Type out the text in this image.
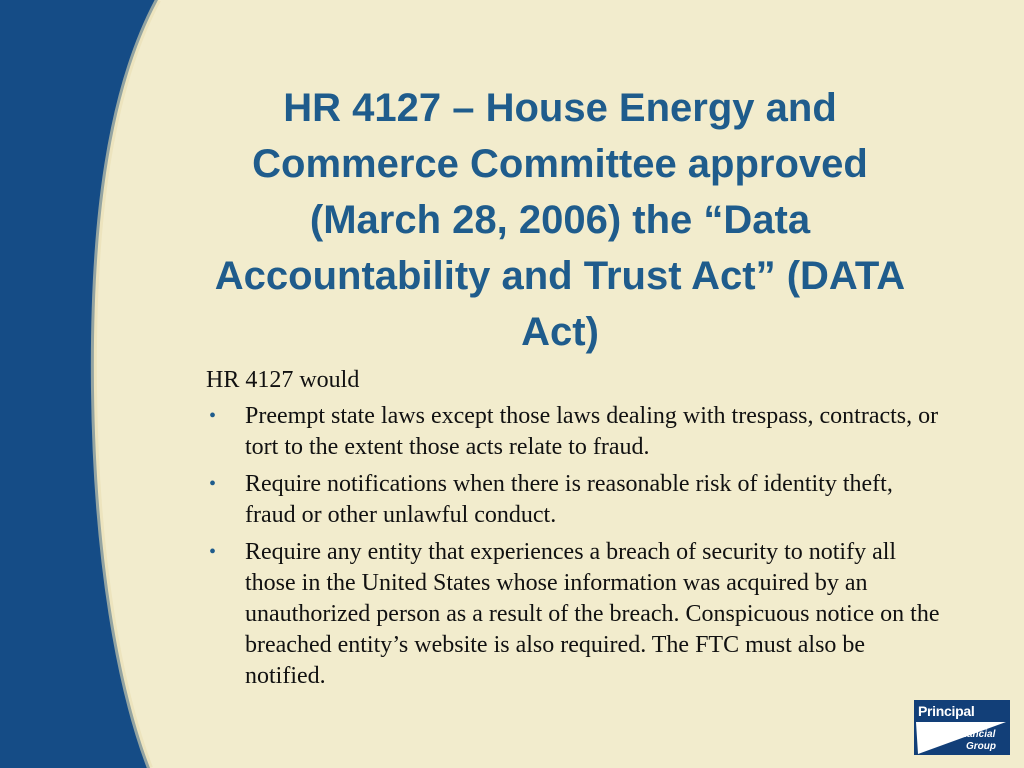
HR 4127 – House Energy and Commerce Committee approved (March 28, 2006) the “Data Accountability and Trust Act” (DATA Act)

HR 4127 would

• Preempt state laws except those laws dealing with trespass, contracts, or tort to the extent those acts relate to fraud.
• Require notifications when there is reasonable risk of identity theft, fraud or other unlawful conduct.
• Require any entity that experiences a breach of security to notify all those in the United States whose information was acquired by an unauthorized person as a result of the breach. Conspicuous notice on the breached entity’s website is also required. The FTC must also be notified.
Principal
Financial
Group
